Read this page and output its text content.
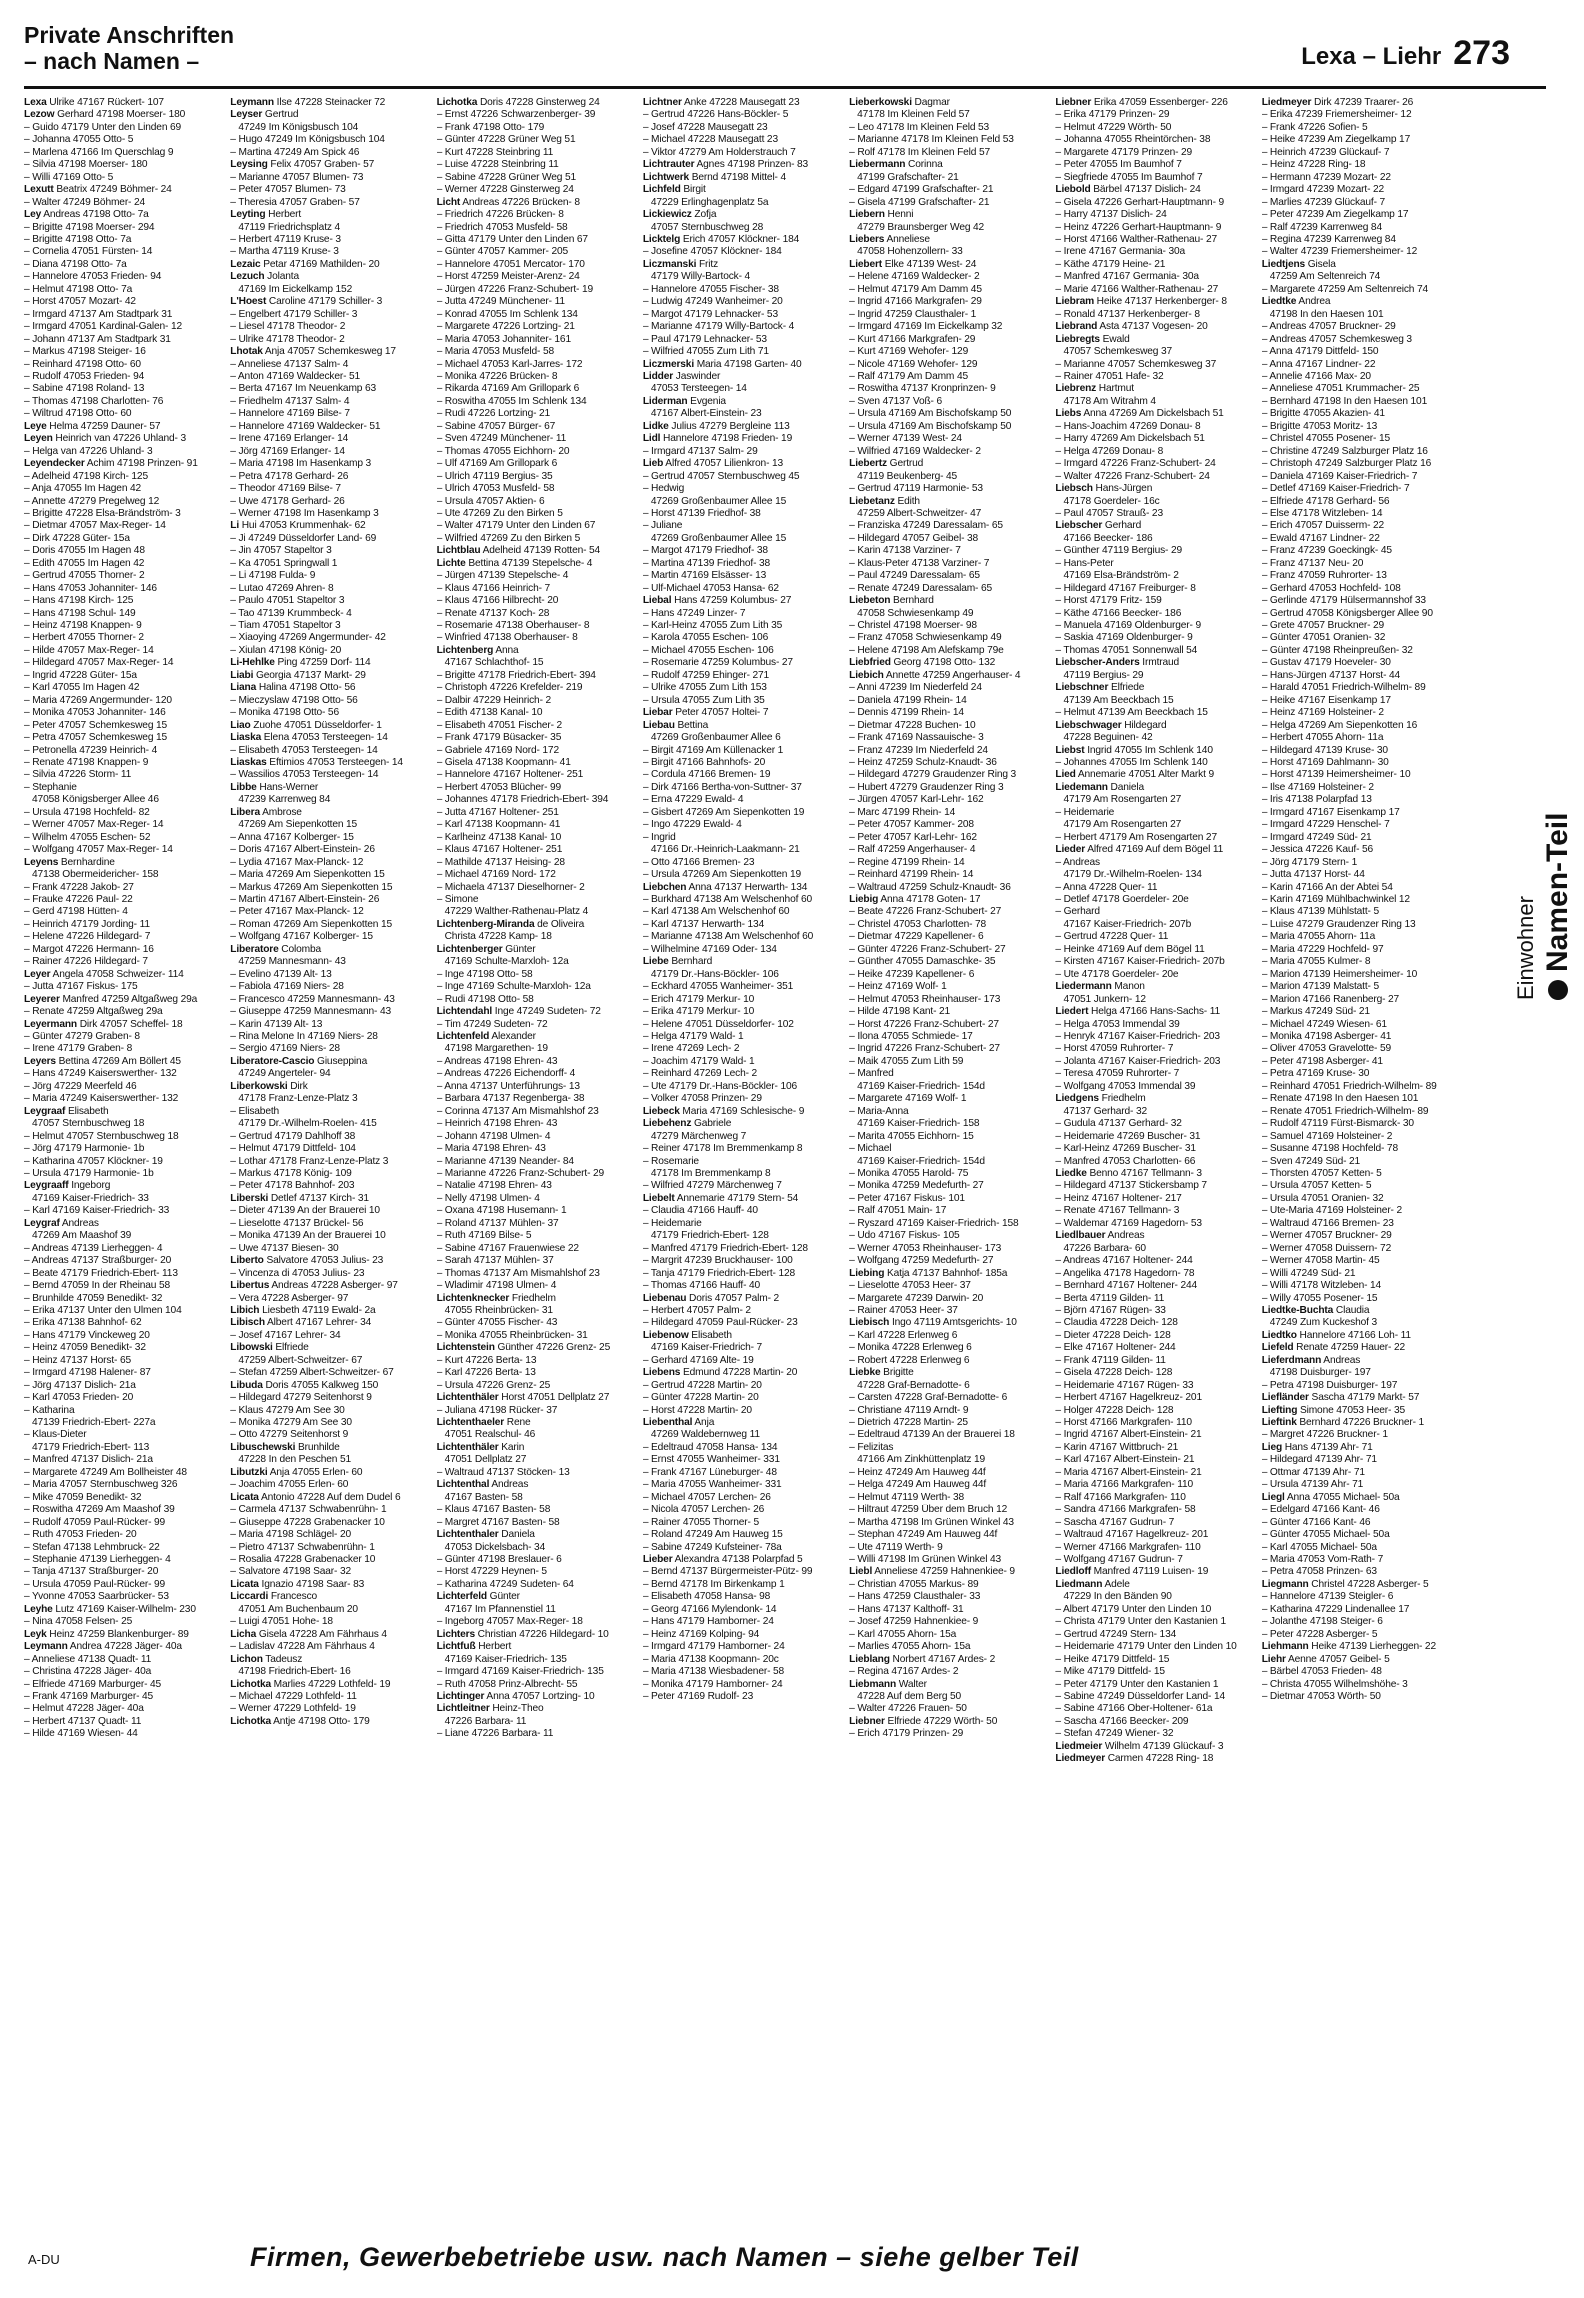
Private Anschriften
– nach Namen –	Lexa – Liehr 273
Lexa Ulrike 47167 Rückert- 107
Lezow Gerhard 47198 Moerser- 180
– Guido 47179 Unter den Linden 69
– Johanna 47055 Otto- 5
– Marlena 47166 Im Querschlag 9
– Silvia 47198 Moerser- 180
– Willi 47169 Otto- 5
Lexutt Beatrix 47249 Böhmer- 24
– Walter 47249 Böhmer- 24
Ley Andreas 47198 Otto- 7a
– Brigitte 47198 Moerser- 294
– Brigitte 47198 Otto- 7a
– Cornelia 47051 Fürsten- 14
– Diana 47198 Otto- 7a
– Hannelore 47053 Frieden- 94
– Helmut 47198 Otto- 7a
– Horst 47057 Mozart- 42
– Irmgard 47137 Am Stadtpark 31
– Irmgard 47051 Kardinal-Galen- 12
– Johann 47137 Am Stadtpark 31
– Markus 47198 Steiger- 16
– Reinhard 47198 Otto- 60
– Rudolf 47053 Frieden- 94
– Sabine 47198 Roland- 13
– Thomas 47198 Charlotten- 76
– Wiltrud 47198 Otto- 60
Leye Helma 47259 Dauner- 57
Leyen Heinrich van 47226 Uhland- 3
– Helga van 47226 Uhland- 3
Leyendecker Achim 47198 Prinzen- 91
– Adelheid 47198 Kirch- 125
– Anja 47055 Im Hagen 42
– Annette 47279 Pregelweg 12
– Brigitte 47228 Elsa-Brändström- 3
– Dietmar 47057 Max-Reger- 14
– Dirk 47228 Güter- 15a
– Doris 47055 Im Hagen 48
– Edith 47055 Im Hagen 42
– Gertrud 47055 Thorner- 2
– Hans 47053 Johanniter- 146
– Hans 47198 Kirch- 125
– Hans 47198 Schul- 149
– Heinz 47198 Knappen- 9
– Herbert 47055 Thorner- 2
– Hilde 47057 Max-Reger- 14
– Hildegard 47057 Max-Reger- 14
– Ingrid 47228 Güter- 15a
– Karl 47055 Im Hagen 42
– Maria 47269 Angermunder- 120
– Monika 47053 Johanniter- 146
– Peter 47057 Schemkesweg 15
– Petra 47057 Schemkesweg 15
– Petronella 47239 Heinrich- 4
– Renate 47198 Knappen- 9
– Silvia 47226 Storm- 11
– Stephanie
47058 Königsberger Allee 46
– Ursula 47198 Hochfeld- 82
– Werner 47057 Max-Reger- 14
– Wilhelm 47055 Eschen- 52
– Wolfgang 47057 Max-Reger- 14
Leyens Bernhardine
47138 Obermeidericher- 158
– Frank 47228 Jakob- 27
– Frauke 47226 Paul- 22
– Gerd 47198 Hütten- 4
– Heinrich 47179 Jording- 11
– Helene 47226 Hildegard- 7
– Margot 47226 Hermann- 16
– Rainer 47226 Hildegard- 7
Leyer Angela 47058 Schweizer- 114
– Jutta 47167 Fiskus- 175
Leyerer Manfred 47259 Altgaßweg 29a
– Renate 47259 Altgaßweg 29a
Leyermann Dirk 47057 Scheffel- 18
– Günter 47279 Graben- 8
– Irene 47179 Graben- 8
Leyers Bettina 47269 Am Böllert 45
– Hans 47249 Kaiserswerther- 132
– Jörg 47229 Meerfeld 46
– Maria 47249 Kaiserswerther- 132
Leygraaf Elisabeth
47057 Sternbuschweg 18
– Helmut 47057 Sternbuschweg 18
– Jörg 47179 Harmonie- 1b
– Katharina 47057 Klöckner- 19
– Ursula 47179 Harmonie- 1b
Leygraaff Ingeborg
47169 Kaiser-Friedrich- 33
– Karl 47169 Kaiser-Friedrich- 33
Leygraf Andreas
47269 Am Maashof 39
– Andreas 47139 Lierheggen- 4
– Andreas 47137 Straßburger- 20
– Beate 47179 Friedrich-Ebert- 113
– Bernd 47059 In der Rheinau 58
– Brunhilde 47059 Benedikt- 32
– Erika 47137 Unter den Ulmen 104
– Erika 47138 Bahnhof- 62
– Hans 47179 Vinckeweg 20
– Heinz 47059 Benedikt- 32
– Heinz 47137 Horst- 65
– Irmgard 47198 Halener- 87
– Jörg 47137 Dislich- 21a
– Karl 47053 Frieden- 20
– Katharina
47139 Friedrich-Ebert- 227a
– Klaus-Dieter
47179 Friedrich-Ebert- 113
– Manfred 47137 Dislich- 21a
– Margarete 47249 Am Bollheister 48
– Maria 47057 Sternbuschweg 326
– Mike 47059 Benedikt- 32
– Roswitha 47269 Am Maashof 39
– Rudolf 47059 Paul-Rücker- 99
– Ruth 47053 Frieden- 20
– Stefan 47138 Lehmbruck- 22
– Stephanie 47139 Lierheggen- 4
– Tanja 47137 Straßburger- 20
– Ursula 47059 Paul-Rücker- 99
– Yvonne 47053 Saarbrücker- 53
Leyhe Lutz 47169 Kaiser-Wilhelm- 230
– Nina 47058 Felsen- 25
Leyk Heinz 47259 Blankenburger- 89
Leymann Andrea 47228 Jäger- 40a
– Anneliese 47138 Quadt- 11
– Christina 47228 Jäger- 40a
– Elfriede 47169 Marburger- 45
– Frank 47169 Marburger- 45
– Helmut 47228 Jäger- 40a
– Herbert 47137 Quadt- 11
– Hilde 47169 Wiesen- 44
Leymann Ilse 47228 Steinacker 72
Leyser Gertrud
47249 Im Königsbusch 104
– Hugo 47249 Im Königsbusch 104
– Martina 47249 Am Spick 46
Leysing Felix 47057 Graben- 57
– Marianne 47057 Blumen- 73
– Peter 47057 Blumen- 73
– Theresia 47057 Graben- 57
Leyting Herbert
47119 Friedrichsplatz 4
– Herbert 47119 Kruse- 3
– Martha 47119 Kruse- 3
Lezaic Petar 47169 Mathilden- 20
Lezuch Jolanta
47169 Im Eickelkamp 152
L'Hoest Caroline 47179 Schiller- 3
– Engelbert 47179 Schiller- 3
– Liesel 47178 Theodor- 2
– Ulrike 47178 Theodor- 2
Lhotak Anja 47057 Schemkesweg 17
– Anneliese 47137 Salm- 4
– Anton 47169 Waldecker- 51
– Berta 47167 Im Neuenkamp 63
– Friedhelm 47137 Salm- 4
– Hannelore 47169 Bilse- 7
– Hannelore 47169 Waldecker- 51
– Irene 47169 Erlanger- 14
– Jörg 47169 Erlanger- 14
– Maria 47198 Im Hasenkamp 3
– Petra 47178 Gerhard- 26
– Theodor 47169 Bilse- 7
– Uwe 47178 Gerhard- 26
– Werner 47198 Im Hasenkamp 3
Li Hui 47053 Krummenhak- 62
– Ji 47249 Düsseldorfer Land- 69
– Jin 47057 Stapeltor 3
– Ka 47051 Springwall 1
– Li 47198 Fulda- 9
– Lutao 47269 Ahren- 8
– Paulo 47051 Stapeltor 3
– Tao 47139 Krummbeck- 4
– Tiam 47051 Stapeltor 3
– Xiaoying 47269 Angermunder- 42
– Xiulan 47198 König- 20
Li-Hehlke Ping 47259 Dorf- 114
Liabi Georgia 47137 Markt- 29
Liana Halina 47198 Otto- 56
– Mieczyslaw 47198 Otto- 56
– Monika 47198 Otto- 56
Liao Zuohe 47051 Düsseldorfer- 1
Liaska Elena 47053 Tersteegen- 14
– Elisabeth 47053 Tersteegen- 14
Liaskas Eftimios 47053 Tersteegen- 14
– Wassilios 47053 Tersteegen- 14
Libbe Hans-Werner
47239 Karrenweg 84
Libera Ambrose
47269 Am Siepenkotten 15
– Anna 47167 Kolberger- 15
– Doris 47167 Albert-Einstein- 26
– Lydia 47167 Max-Planck- 12
– Maria 47269 Am Siepenkotten 15
– Markus 47269 Am Siepenkotten 15
– Martin 47167 Albert-Einstein- 26
– Peter 47167 Max-Planck- 12
– Roman 47269 Am Siepenkotten 15
– Wolfgang 47167 Kolberger- 15
Liberatore Colomba
47259 Mannesmann- 43
– Evelino 47139 Alt- 13
– Fabiola 47169 Niers- 28
– Francesco 47259 Mannesmann- 43
– Giuseppe 47259 Mannesmann- 43
– Karin 47139 Alt- 13
– Rina Melone In 47169 Niers- 28
– Sergio 47169 Niers- 28
Liberatore-Cascio Giuseppina
47249 Angerteler- 94
Liberkowski Dirk
47178 Franz-Lenze-Platz 3
– Elisabeth
47179 Dr.-Wilhelm-Roelen- 415
– Gertrud 47179 Dahlhoff 38
– Helmut 47179 Dittfeld- 104
– Lothar 47178 Franz-Lenze-Platz 3
– Markus 47178 König- 109
– Peter 47178 Bahnhof- 203
Liberski Detlef 47137 Kirch- 31
– Dieter 47139 An der Brauerei 10
– Lieselotte 47137 Brückel- 56
– Monika 47139 An der Brauerei 10
– Uwe 47137 Biesen- 30
Liberto Salvatore 47053 Julius- 23
– Vincenza di 47053 Julius- 23
Libertus Andreas 47228 Asberger- 97
– Vera 47228 Asberger- 97
Libich Liesbeth 47119 Ewald- 2a
Libisch Albert 47167 Lehrer- 34
– Josef 47167 Lehrer- 34
Libowski Elfriede
47259 Albert-Schweitzer- 67
– Stefan 47259 Albert-Schweitzer- 67
Libuda Doris 47055 Kalkweg 150
– Hildegard 47279 Seitenhorst 9
– Klaus 47279 Am See 30
– Monika 47279 Am See 30
– Otto 47279 Seitenhorst 9
Libuschewski Brunhilde
47228 In den Peschen 51
Libutzki Anja 47055 Erlen- 60
– Joachim 47055 Erlen- 60
Licata Antonio 47228 Auf dem Dudel 6
– Carmela 47137 Schwabenrühn- 1
– Giuseppe 47228 Grabenacker 10
– Maria 47198 Schlägel- 20
– Pietro 47137 Schwabenrühn- 1
– Rosalia 47228 Grabenacker 10
– Salvatore 47198 Saar- 32
Licata Ignazio 47198 Saar- 83
Liccardi Francesco
47051 Am Buchenbaum 20
– Luigi 47051 Hohe- 18
Licha Gisela 47228 Am Fährhaus 4
– Ladislav 47228 Am Fährhaus 4
Lichon Tadeusz
47198 Friedrich-Ebert- 16
Lichotka Marlies 47229 Lothfeld- 19
– Michael 47229 Lothfeld- 11
– Werner 47229 Lothfeld- 19
Lichotka Antje 47198 Otto- 179
Lichotka Doris 47228 Ginsterweg 24
– Ernst 47226 Schwarzenberger- 39
– Frank 47198 Otto- 179
– Günter 47228 Grüner Weg 51
– Kurt 47228 Steinbring 11
– Luise 47228 Steinbring 11
– Sabine 47228 Grüner Weg 51
– Werner 47228 Ginsterweg 24
Licht Andreas 47226 Brücken- 8
– Friedrich 47226 Brücken- 8
– Friedrich 47053 Musfeld- 58
– Gitta 47179 Unter den Linden 67
– Günter 47057 Kammer- 205
– Hannelore 47051 Mercator- 170
– Horst 47259 Meister-Arenz- 24
– Jürgen 47226 Franz-Schubert- 19
– Jutta 47249 Münchener- 11
– Konrad 47055 Im Schlenk 134
– Margarete 47226 Lortzing- 21
– Maria 47053 Johanniter- 161
– Maria 47053 Musfeld- 58
– Michael 47053 Karl-Jarres- 172
– Monika 47226 Brücken- 8
– Rikarda 47169 Am Grillopark 6
– Roswitha 47055 Im Schlenk 134
– Rudi 47226 Lortzing- 21
– Sabine 47057 Bürger- 67
– Sven 47249 Münchener- 11
– Thomas 47055 Eichhorn- 20
– Ulf 47169 Am Grillopark 6
– Ulrich 47119 Bergius- 35
– Ulrich 47053 Musfeld- 58
– Ursula 47057 Aktien- 6
– Ute 47269 Zu den Birken 5
– Walter 47179 Unter den Linden 67
– Wilfried 47269 Zu den Birken 5
Lichtblau Adelheid 47139 Rotten- 54
Lichte Bettina 47139 Stepelsche- 4
– Jürgen 47139 Stepelsche- 4
– Klaus 47166 Heinrich- 7
– Klaus 47166 Hilbrecht- 20
– Renate 47137 Koch- 28
– Rosemarie 47138 Oberhauser- 8
– Winfried 47138 Oberhauser- 8
Lichtenberg Anna
47167 Schlachthof- 15
– Brigitte 47178 Friedrich-Ebert- 394
– Christoph 47226 Krefelder- 219
– Dalbir 47229 Heinrich- 2
– Edith 47138 Kanal- 10
– Elisabeth 47051 Fischer- 2
– Frank 47179 Büsacker- 35
– Gabriele 47169 Nord- 172
– Gisela 47138 Koopmann- 41
– Hannelore 47167 Holtener- 251
– Herbert 47053 Blücher- 99
– Johannes 47178 Friedrich-Ebert- 394
– Jutta 47167 Holtener- 251
– Karl 47138 Koopmann- 41
– Karlheinz 47138 Kanal- 10
– Klaus 47167 Holtener- 251
– Mathilde 47137 Heising- 28
– Michael 47169 Nord- 172
– Michaela 47137 Dieselhorner- 2
– Simone
47229 Walther-Rathenau-Platz 4
Lichtenberg-Miranda de Oliveira
Christa 47228 Kamp- 18
Lichtenberger Günter
47169 Schulte-Marxloh- 12a
– Inge 47198 Otto- 58
– Inge 47169 Schulte-Marxloh- 12a
– Rudi 47198 Otto- 58
Lichtendahl Inge 47249 Sudeten- 72
– Tim 47249 Sudeten- 72
Lichtenfeld Alexander
47198 Margarethen- 19
– Andreas 47198 Ehren- 43
– Andreas 47226 Eichendorff- 4
– Anna 47137 Unterführungs- 13
– Barbara 47137 Regenberga- 38
– Corinna 47137 Am Mismahlshof 23
– Heinrich 47198 Ehren- 43
– Johann 47198 Ulmen- 4
– Maria 47198 Ehren- 43
– Marianne 47139 Neander- 84
– Marianne 47226 Franz-Schubert- 29
– Natalie 47198 Ehren- 43
– Nelly 47198 Ulmen- 4
– Oxana 47198 Husemann- 1
– Roland 47137 Mühlen- 37
– Ruth 47169 Bilse- 5
– Sabine 47167 Frauenwiese 22
– Sarah 47137 Mühlen- 37
– Thomas 47137 Am Mismahlshof 23
– Wladimir 47198 Ulmen- 4
Lichtenknecker Friedhelm
47055 Rheinbrücken- 31
– Günter 47055 Fischer- 43
– Monika 47055 Rheinbrücken- 31
Lichtenstein Günther 47226 Grenz- 25
– Kurt 47226 Berta- 13
– Karl 47226 Berta- 13
– Ursula 47226 Grenz- 25
Lichtenthäler Horst 47051 Dellplatz 27
– Juliana 47198 Rücker- 37
Lichtenthaeler Rene
47051 Realschul- 46
Lichtenthäler Karin
47051 Dellplatz 27
– Waltraud 47137 Stöcken- 13
Lichtenthal Andreas
47167 Basten- 58
– Klaus 47167 Basten- 58
– Margret 47167 Basten- 58
Lichtenthaler Daniela
47053 Dickelsbach- 34
– Günter 47198 Breslauer- 6
– Horst 47229 Heynen- 5
– Katharina 47249 Sudeten- 64
Lichterfeld Günter
47167 Im Pfannenstiel 11
– Ingeborg 47057 Max-Reger- 18
Lichters Christian 47226 Hildegard- 10
Lichtfuß Herbert
47169 Kaiser-Friedrich- 135
– Irmgard 47169 Kaiser-Friedrich- 135
– Ruth 47058 Prinz-Albrecht- 55
Lichtinger Anna 47057 Lortzing- 10
Lichtleitner Heinz-Theo
47226 Barbara- 11
– Liane 47226 Barbara- 11
Lichtner Anke 47228 Mausegatt 23
– Gertrud 47226 Hans-Böckler- 5
– Josef 47228 Mausegatt 23
– Michael 47228 Mausegatt 23
– Viktor 47279 Am Holderstrauch 7
Lichtrauter Agnes 47198 Prinzen- 83
Lichtwerk Bernd 47198 Mittel- 4
Lichfeld Birgit
47229 Erlinghagenplatz 5a
Lickiewicz Zofja
47057 Sternbuschweg 28
Licktelg Erich 47057 Klöckner- 184
– Josefine 47057 Klöckner- 184
Liczmanski Fritz
47179 Willy-Bartock- 4
– Hannelore 47055 Fischer- 38
– Ludwig 47249 Wanheimer- 20
– Margot 47179 Lehnacker- 53
– Marianne 47179 Willy-Bartock- 4
– Paul 47179 Lehnacker- 53
– Wilfried 47055 Zum Lith 71
Liczmerski Maria 47198 Garten- 40
Lidder Jaswinder
47053 Tersteegen- 14
Liderman Evgenia
47167 Albert-Einstein- 23
Lidke Julius 47279 Bergleine 113
Lidl Hannelore 47198 Frieden- 19
– Irmgard 47137 Salm- 29
Lieb Alfred 47057 Lilienkron- 13
– Gertrud 47057 Sternbuschweg 45
– Hedwig
47269 Großenbaumer Allee 15
– Horst 47139 Friedhof- 38
– Juliane
47269 Großenbaumer Allee 15
– Margot 47179 Friedhof- 38
– Martina 47139 Friedhof- 38
– Martin 47169 Elsässer- 13
– Ulf-Michael 47053 Hansa- 62
Liebal Hans 47259 Kolumbus- 27
– Hans 47249 Linzer- 7
– Karl-Heinz 47055 Zum Lith 35
– Karola 47055 Eschen- 106
– Michael 47055 Eschen- 106
– Rosemarie 47259 Kolumbus- 27
– Rudolf 47259 Ehinger- 271
– Ulrike 47055 Zum Lith 153
– Ursula 47055 Zum Lith 35
Liebar Peter 47057 Holtei- 7
Liebau Bettina
47269 Großenbaumer Allee 6
– Birgit 47169 Am Küllenacker 1
– Birgit 47166 Bahnhofs- 20
– Cordula 47166 Bremen- 19
– Dirk 47166 Bertha-von-Suttner- 37
– Erna 47229 Ewald- 4
– Gisbert 47269 Am Siepenkotten 19
– Ingo 47229 Ewald- 4
– Ingrid
47166 Dr.-Heinrich-Laakmann- 21
– Otto 47166 Bremen- 23
– Ursula 47269 Am Siepenkotten 19
Liebchen Anna 47137 Herwarth- 134
– Burkhard 47138 Am Welschenhof 60
– Karl 47138 Am Welschenhof 60
– Karl 47137 Herwarth- 134
– Marianne 47138 Am Welschenhof 60
– Wilhelmine 47169 Oder- 134
Liebe Bernhard
47179 Dr.-Hans-Böckler- 106
– Eckhard 47055 Wanheimer- 351
– Erich 47179 Merkur- 10
– Erika 47179 Merkur- 10
– Helene 47051 Düsseldorfer- 102
– Helga 47179 Wald- 1
– Irene 47269 Lech- 2
– Joachim 47179 Wald- 1
– Reinhard 47269 Lech- 2
– Ute 47179 Dr.-Hans-Böckler- 106
– Volker 47058 Prinzen- 29
Liebeck Maria 47169 Schlesische- 9
Liebehenz Gabriele
47279 Märchenweg 7
– Reiner 47178 Im Bremmenkamp 8
– Rosemarie
47178 Im Bremmenkamp 8
– Wilfried 47279 Märchenweg 7
Liebelt Annemarie 47179 Stern- 54
– Claudia 47166 Hauff- 40
– Heidemarie
47179 Friedrich-Ebert- 128
– Manfred 47179 Friedrich-Ebert- 128
– Margrit 47239 Bruckhauser- 100
– Tanja 47179 Friedrich-Ebert- 128
– Thomas 47166 Hauff- 40
Liebenau Doris 47057 Palm- 2
– Herbert 47057 Palm- 2
– Hildegard 47059 Paul-Rücker- 23
Liebenow Elisabeth
47169 Kaiser-Friedrich- 7
– Gerhard 47169 Alte- 19
Liebens Edmund 47228 Martin- 20
– Gertrud 47228 Martin- 20
– Günter 47228 Martin- 20
– Horst 47228 Martin- 20
Liebenthal Anja
47269 Waldebernweg 11
– Edeltraud 47058 Hansa- 134
– Ernst 47055 Wanheimer- 331
– Frank 47167 Lüneburger- 48
– Maria 47055 Wanheimer- 331
– Michael 47057 Lerchen- 26
– Nicola 47057 Lerchen- 26
– Rainer 47055 Thorner- 5
– Roland 47249 Am Hauweg 15
– Sabine 47249 Kufsteiner- 78a
Lieber Alexandra 47138 Polarpfad 5
– Bernd 47137 Bürgermeister-Pütz- 99
– Bernd 47178 Im Birkenkamp 1
– Elisabeth 47058 Hansa- 98
– Georg 47166 Mylendonk- 14
– Hans 47179 Hamborner- 24
– Heinz 47169 Kolping- 94
– Irmgard 47179 Hamborner- 24
– Maria 47138 Koopmann- 20c
– Maria 47138 Wiesbadener- 58
– Monika 47179 Hamborner- 24
– Peter 47169 Rudolf- 23
Lieberkowski Dagmar
47178 Im Kleinen Feld 57
– Leo 47178 Im Kleinen Feld 53
– Marianne 47178 Im Kleinen Feld 53
– Rolf 47178 Im Kleinen Feld 57
Liebermann Corinna
47199 Grafschafter- 21
– Edgard 47199 Grafschafter- 21
– Gisela 47199 Grafschafter- 21
Liebern Henni
47279 Braunsberger Weg 42
Liebers Anneliese
47058 Hohenzollern- 33
Liebert Elke 47139 West- 24
– Helene 47169 Waldecker- 2
– Helmut 47179 Am Damm 45
– Ingrid 47166 Markgrafen- 29
– Ingrid 47259 Clausthaler- 1
– Irmgard 47169 Im Eickelkamp 32
– Kurt 47166 Markgrafen- 29
– Kurt 47169 Wehofer- 129
– Nicole 47169 Wehofer- 129
– Ralf 47179 Am Damm 45
– Roswitha 47137 Kronprinzen- 9
– Sven 47137 Voß- 6
– Ursula 47169 Am Bischofskamp 50
– Ursula 47169 Am Bischofskamp 50
– Werner 47139 West- 24
– Wilfried 47169 Waldecker- 2
Liebertz Gertrud
47119 Beukenberg- 45
– Gertrud 47119 Harmonie- 53
Liebetanz Edith
47259 Albert-Schweitzer- 47
– Franziska 47249 Daressalam- 65
– Hildegard 47057 Geibel- 38
– Karin 47138 Varziner- 7
– Klaus-Peter 47138 Varziner- 7
– Paul 47249 Daressalam- 65
– Renate 47249 Daressalam- 65
Liebeton Bernhard
47058 Schwiesenkamp 49
– Christel 47198 Moerser- 98
– Franz 47058 Schwiesenkamp 49
– Helene 47198 Am Alefskamp 79e
Liebfried Georg 47198 Otto- 132
Liebich Annette 47259 Angerhauser- 4
– Anni 47239 Im Niederfeld 24
– Daniela 47199 Rhein- 14
– Dennis 47199 Rhein- 14
– Dietmar 47228 Buchen- 10
– Frank 47169 Nassauische- 3
– Franz 47239 Im Niederfeld 24
– Heinz 47259 Schulz-Knaudt- 36
– Hildegard 47279 Graudenzer Ring 3
– Hubert 47279 Graudenzer Ring 3
– Jürgen 47057 Karl-Lehr- 162
– Marc 47199 Rhein- 14
– Peter 47057 Kammer- 208
– Peter 47057 Karl-Lehr- 162
– Ralf 47259 Angerhauser- 4
– Regine 47199 Rhein- 14
– Reinhard 47199 Rhein- 14
– Waltraud 47259 Schulz-Knaudt- 36
Liebig Anna 47178 Goten- 17
– Beate 47226 Franz-Schubert- 27
– Christel 47053 Charlotten- 78
– Dietmar 47229 Kapellener- 6
– Günter 47226 Franz-Schubert- 27
– Günther 47055 Damaschke- 35
– Heike 47239 Kapellener- 6
– Heinz 47169 Wolf- 1
– Helmut 47053 Rheinhauser- 173
– Hilde 47198 Kant- 21
– Horst 47226 Franz-Schubert- 27
– Ilona 47055 Schmiede- 17
– Ingrid 47226 Franz-Schubert- 27
– Maik 47055 Zum Lith 59
– Manfred
47169 Kaiser-Friedrich- 154d
– Margarete 47169 Wolf- 1
– Maria-Anna
47169 Kaiser-Friedrich- 158
– Marita 47055 Eichhorn- 15
– Michael
47169 Kaiser-Friedrich- 154d
– Monika 47055 Harold- 75
– Monika 47259 Medefurth- 27
– Peter 47167 Fiskus- 101
– Ralf 47051 Main- 17
– Ryszard 47169 Kaiser-Friedrich- 158
– Udo 47167 Fiskus- 105
– Werner 47053 Rheinhauser- 173
– Wolfgang 47259 Medefurth- 27
Liebing Katja 47137 Bahnhof- 185a
– Lieselotte 47053 Heer- 37
– Margarete 47239 Darwin- 20
– Rainer 47053 Heer- 37
Liebisch Ingo 47119 Amtsgerichts- 10
– Karl 47228 Erlenweg 6
– Monika 47228 Erlenweg 6
– Robert 47228 Erlenweg 6
Liebke Brigitte
47228 Graf-Bernadotte- 6
– Carsten 47228 Graf-Bernadotte- 6
– Christiane 47119 Arndt- 9
– Dietrich 47228 Martin- 25
– Edeltraud 47139 An der Brauerei 18
– Felizitas
47166 Am Zinkhüttenplatz 19
– Heinz 47249 Am Hauweg 44f
– Helga 47249 Am Hauweg 44f
– Helmut 47119 Werth- 38
– Hiltraut 47259 Über dem Bruch 12
– Martha 47198 Im Grünen Winkel 43
– Stephan 47249 Am Hauweg 44f
– Ute 47119 Werth- 9
– Willi 47198 Im Grünen Winkel 43
Liebl Anneliese 47259 Hahnenkiee- 9
– Christian 47055 Markus- 89
– Hans 47259 Clausthaler- 33
– Hans 47137 Kalthoff- 31
– Josef 47259 Hahnenkiee- 9
– Karl 47055 Ahorn- 15a
– Marlies 47055 Ahorn- 15a
Lieblang Norbert 47167 Ardes- 2
– Regina 47167 Ardes- 2
Liebmann Walter
47228 Auf dem Berg 50
– Walter 47226 Frauen- 50
Liebner Elfriede 47229 Wörth- 50
– Erich 47179 Prinzen- 29
Liebner Erika 47059 Essenberger- 226
– Erika 47179 Prinzen- 29
– Helmut 47229 Wörth- 50
– Johanna 47055 Rheintörchen- 38
– Margarete 47179 Prinzen- 29
– Peter 47055 Im Baumhof 7
– Siegfriede 47055 Im Baumhof 7
Liebold Bärbel 47137 Dislich- 24
– Gisela 47226 Gerhart-Hauptmann- 9
– Harry 47137 Dislich- 24
– Heinz 47226 Gerhart-Hauptmann- 9
– Horst 47166 Walther-Rathenau- 27
– Irene 47167 Germania- 30a
– Käthe 47179 Heine- 21
– Manfred 47167 Germania- 30a
– Marie 47166 Walther-Rathenau- 27
Liebram Heike 47137 Herkenberger- 8
– Ronald 47137 Herkenberger- 8
Liebrand Asta 47137 Vogesen- 20
Liebregts Ewald
47057 Schemkesweg 37
– Marianne 47057 Schemkesweg 37
– Rainer 47051 Hafe- 32
Liebrenz Hartmut
47178 Am Witrahm 4
Liebs Anna 47269 Am Dickelsbach 51
– Hans-Joachim 47269 Donau- 8
– Harry 47269 Am Dickelsbach 51
– Helga 47269 Donau- 8
– Irmgard 47226 Franz-Schubert- 24
– Walter 47226 Franz-Schubert- 24
Liebsch Hans-Jürgen
47178 Goerdeler- 16c
– Paul 47057 Strauß- 23
Liebscher Gerhard
47166 Beecker- 186
– Günther 47119 Bergius- 29
– Hans-Peter
47169 Elsa-Brändström- 2
– Hildegard 47167 Freiburger- 8
– Horst 47179 Fritz- 159
– Käthe 47166 Beecker- 186
– Manuela 47169 Oldenburger- 9
– Saskia 47169 Oldenburger- 9
– Thomas 47051 Sonnenwall 54
Liebscher-Anders Irmtraud
47119 Bergius- 29
Liebschner Elfriede
47139 Am Beeckbach 15
– Helmut 47139 Am Beeckbach 15
Liebschwager Hildegard
47228 Beguinen- 42
Liebst Ingrid 47055 Im Schlenk 140
– Johannes 47055 Im Schlenk 140
Lied Annemarie 47051 Alter Markt 9
Liedemann Daniela
47179 Am Rosengarten 27
– Heidemarie
47179 Am Rosengarten 27
– Herbert 47179 Am Rosengarten 27
Lieder Alfred 47169 Auf dem Bögel 11
– Andreas
47179 Dr.-Wilhelm-Roelen- 134
– Anna 47228 Quer- 11
– Detlef 47178 Goerdeler- 20e
– Gerhard
47167 Kaiser-Friedrich- 207b
– Gertrud 47228 Quer- 11
– Heinke 47169 Auf dem Bögel 11
– Kirsten 47167 Kaiser-Friedrich- 207b
– Ute 47178 Goerdeler- 20e
Liedermann Manon
47051 Junkern- 12
Liedert Helga 47166 Hans-Sachs- 11
– Helga 47053 Immendal 39
– Henryk 47167 Kaiser-Friedrich- 203
– Horst 47059 Ruhrorter- 7
– Jolanta 47167 Kaiser-Friedrich- 203
– Teresa 47059 Ruhrorter- 7
– Wolfgang 47053 Immendal 39
Liedgens Friedhelm
47137 Gerhard- 32
– Gudula 47137 Gerhard- 32
– Heidemarie 47269 Buscher- 31
– Karl-Heinz 47269 Buscher- 31
– Manfred 47053 Charlotten- 66
Liedke Benno 47167 Tellmann- 3
– Hildegard 47137 Stickersbamp 7
– Heinz 47167 Holtener- 217
– Renate 47167 Tellmann- 3
– Waldemar 47169 Hagedorn- 53
Liedlbauer Andreas
47226 Barbara- 60
– Andreas 47167 Holtener- 244
– Angelika 47178 Hagedorn- 78
– Bernhard 47167 Holtener- 244
– Berta 47119 Gilden- 11
– Björn 47167 Rügen- 33
– Claudia 47228 Deich- 128
– Dieter 47228 Deich- 128
– Elke 47167 Holtener- 244
– Frank 47119 Gilden- 11
– Gisela 47228 Deich- 128
– Heidemarie 47167 Rügen- 33
– Herbert 47167 Hagelkreuz- 201
– Holger 47228 Deich- 128
– Horst 47166 Markgrafen- 110
– Ingrid 47167 Albert-Einstein- 21
– Karin 47167 Wittbruch- 21
– Karl 47167 Albert-Einstein- 21
– Maria 47167 Albert-Einstein- 21
– Maria 47166 Markgrafen- 110
– Ralf 47166 Markgrafen- 110
– Sandra 47166 Markgrafen- 58
– Sascha 47167 Gudrun- 7
– Waltraud 47167 Hagelkreuz- 201
– Werner 47166 Markgrafen- 110
– Wolfgang 47167 Gudrun- 7
Liedloff Manfred 47119 Luisen- 19
Liedmann Adele
47229 In den Bänden 90
– Albert 47179 Unter den Linden 10
– Christa 47179 Unter den Kastanien 1
– Gertrud 47249 Stern- 134
– Heidemarie 47179 Unter den Linden 10
– Heike 47179 Dittfeld- 15
– Mike 47179 Dittfeld- 15
– Peter 47179 Unter den Kastanien 1
– Sabine 47249 Düsseldorfer Land- 14
– Sabine 47166 Ober-Holtener- 61a
– Sascha 47166 Beecker- 209
– Stefan 47249 Wiener- 32
Liedmeier Wilhelm 47139 Glückauf- 3
Liedmeyer Carmen 47228 Ring- 18
Liedmeyer Dirk 47239 Traarer- 26
– Erika 47239 Friemersheimer- 12
– Frank 47226 Sofien- 5
– Heike 47239 Am Ziegelkamp 17
– Heinrich 47239 Glückauf- 7
– Heinz 47228 Ring- 18
– Hermann 47239 Mozart- 22
– Irmgard 47239 Mozart- 22
– Marlies 47239 Glückauf- 7
– Peter 47239 Am Ziegelkamp 17
– Ralf 47239 Karrenweg 84
– Regina 47239 Karrenweg 84
– Walter 47239 Friemersheimer- 12
Liedtjens Gisela
47259 Am Seltenreich 74
– Margarete 47259 Am Seltenreich 74
Liedtke Andrea
47198 In den Haesen 101
– Andreas 47057 Bruckner- 29
– Andreas 47057 Schemkesweg 3
– Anna 47179 Dittfeld- 150
– Anna 47167 Lindner- 22
– Annelie 47166 Max- 20
– Anneliese 47051 Krummacher- 25
– Bernhard 47198 In den Haesen 101
– Brigitte 47055 Akazien- 41
– Brigitte 47053 Moritz- 13
– Christel 47055 Posener- 15
– Christine 47249 Salzburger Platz 16
– Christoph 47249 Salzburger Platz 16
– Daniela 47169 Kaiser-Friedrich- 7
– Detlef 47169 Kaiser-Friedrich- 7
– Elfriede 47178 Gerhard- 56
– Else 47178 Witzleben- 14
– Erich 47057 Duisserm- 22
– Ewald 47167 Lindner- 22
– Franz 47239 Goeckingk- 45
– Franz 47137 Neu- 20
– Franz 47059 Ruhrorter- 13
– Gerhard 47053 Hochfeld- 108
– Gerlinde 47179 Hülsermannshof 33
– Gertrud 47058 Königsberger Allee 90
– Grete 47057 Bruckner- 29
– Günter 47051 Oranien- 32
– Günter 47198 Rheinpreußen- 32
– Gustav 47179 Hoeveler- 30
– Hans-Jürgen 47137 Horst- 44
– Harald 47051 Friedrich-Wilhelm- 89
– Heike 47167 Eisenkamp 17
– Heinz 47169 Holsteiner- 2
– Helga 47269 Am Siepenkotten 16
– Herbert 47055 Ahorn- 11a
– Hildegard 47139 Kruse- 30
– Horst 47169 Dahlmann- 30
– Horst 47139 Heimersheimer- 10
– Ilse 47169 Holsteiner- 2
– Iris 47138 Polarpfad 13
– Irmgard 47167 Eisenkamp 17
– Irmgard 47229 Henschel- 7
– Irmgard 47249 Süd- 21
– Jessica 47226 Kauf- 56
– Jörg 47179 Stern- 1
– Jutta 47137 Horst- 44
– Karin 47166 An der Abtei 54
– Karin 47169 Mühlbachwinkel 12
– Klaus 47139 Mühlstatt- 5
– Luise 47279 Graudenzer Ring 13
– Maria 47055 Ahorn- 11a
– Maria 47229 Hochfeld- 97
– Maria 47055 Kulmer- 8
– Marion 47139 Heimersheimer- 10
– Marion 47139 Malstatt- 5
– Marion 47166 Ranenberg- 27
– Markus 47249 Süd- 21
– Michael 47249 Wiesen- 61
– Monika 47198 Asberger- 41
– Oliver 47053 Gravelotte- 59
– Peter 47198 Asberger- 41
– Petra 47169 Kruse- 30
– Reinhard 47051 Friedrich-Wilhelm- 89
– Renate 47198 In den Haesen 101
– Renate 47051 Friedrich-Wilhelm- 89
– Rudolf 47119 Fürst-Bismarck- 30
– Samuel 47169 Holsteiner- 2
– Susanne 47198 Hochfeld- 78
– Sven 47249 Süd- 21
– Thorsten 47057 Ketten- 5
– Ursula 47057 Ketten- 5
– Ursula 47051 Oranien- 32
– Ute-Maria 47169 Holsteiner- 2
– Waltraud 47166 Bremen- 23
– Werner 47057 Bruckner- 29
– Werner 47058 Duissern- 72
– Werner 47058 Martin- 45
– Willi 47249 Süd- 21
– Willi 47178 Witzleben- 14
– Willy 47055 Posener- 15
Liedtke-Buchta Claudia
47249 Zum Kuckeshof 3
Liedtko Hannelore 47166 Loh- 11
Liefeld Renate 47259 Hauer- 22
Lieferdmann Andreas
47198 Duisburger- 197
– Petra 47198 Duisburger- 197
Liefländer Sascha 47179 Markt- 57
Liefting Simone 47053 Heer- 35
Lieftink Bernhard 47226 Bruckner- 1
– Margret 47226 Bruckner- 1
Lieg Hans 47139 Ahr- 71
– Hildegard 47139 Ahr- 71
– Ottmar 47139 Ahr- 71
– Ursula 47139 Ahr- 71
Liegl Anna 47055 Michael- 50a
– Edelgard 47166 Kant- 46
– Günter 47166 Kant- 46
– Günter 47055 Michael- 50a
– Karl 47055 Michael- 50a
– Maria 47053 Vom-Rath- 7
– Petra 47058 Prinzen- 63
Liegmann Christel 47228 Asberger- 5
– Hannelore 47139 Steigler- 6
– Katharina 47229 Lindenallee 17
– Jolanthe 47198 Steiger- 6
– Peter 47228 Asberger- 5
Liehmann Heike 47139 Lierheggen- 22
Liehr Aenne 47057 Geibel- 5
– Bärbel 47053 Frieden- 48
– Christa 47055 Wilhelmshöhe- 3
– Dietmar 47053 Wörth- 50
Einwohner Namen-Teil
A-DU	Firmen, Gewerbebetriebe usw. nach Namen – siehe gelber Teil
